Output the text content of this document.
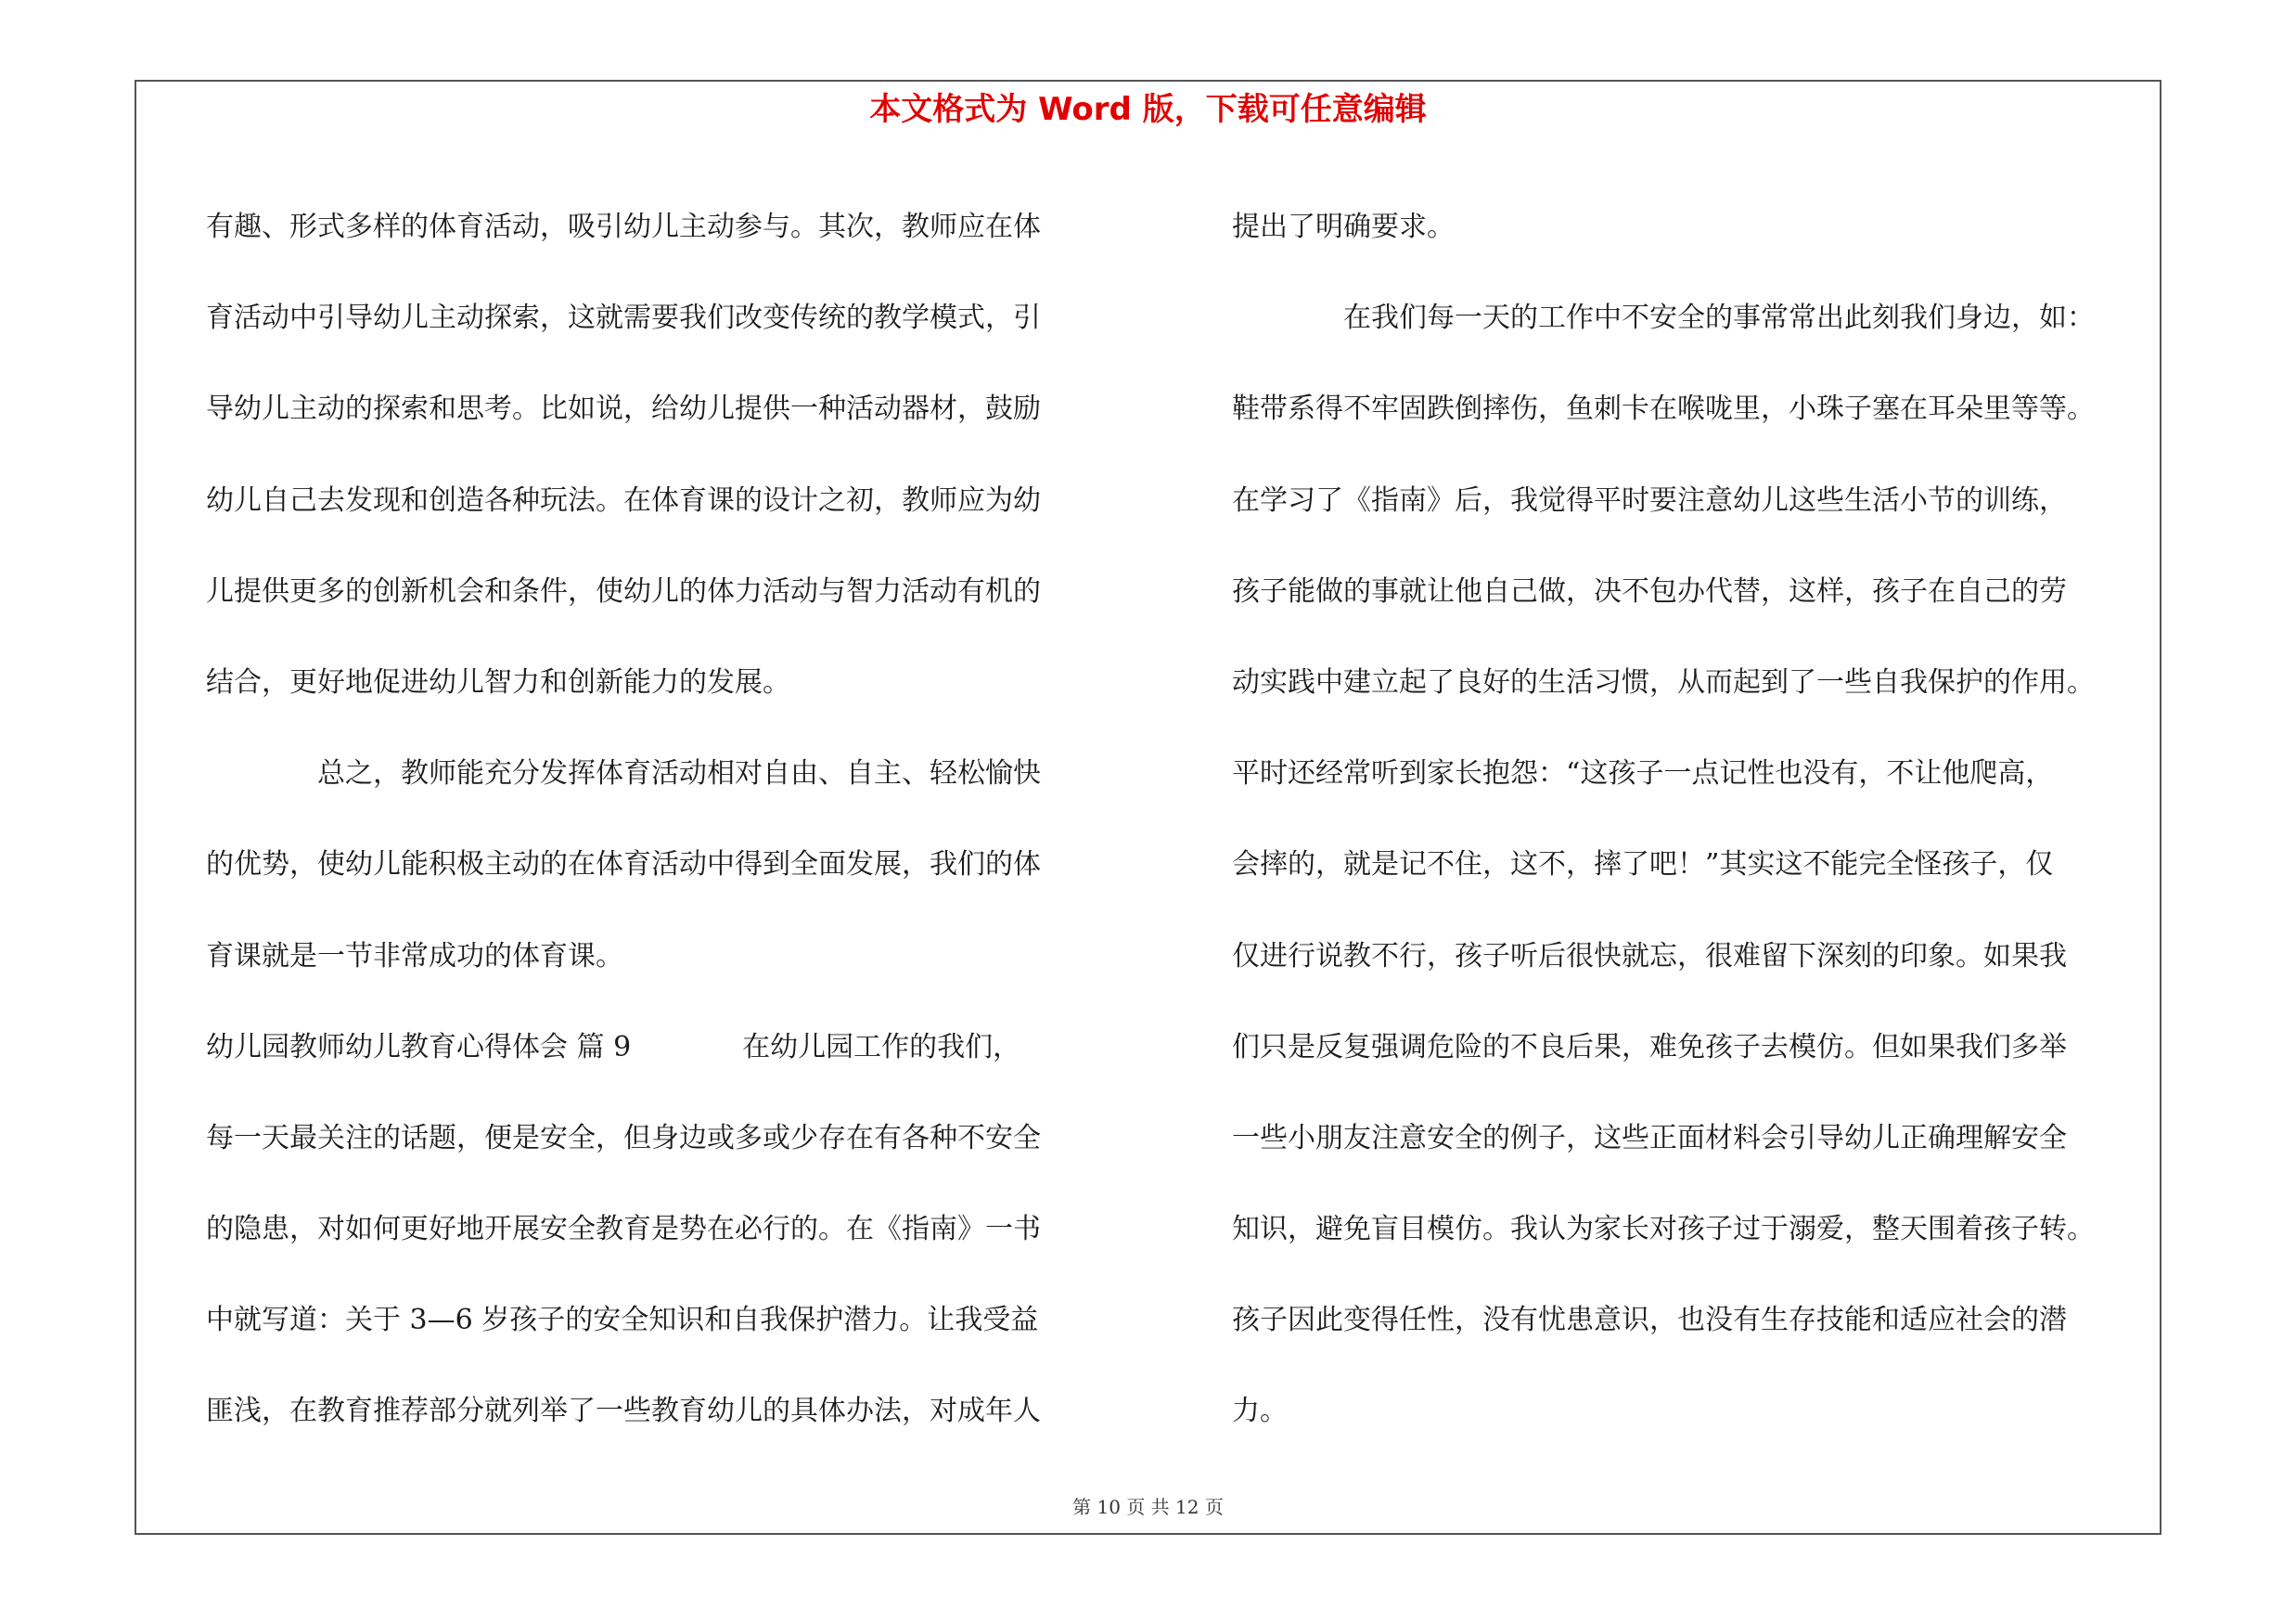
本文格式为 Word 版，下载可任意编辑
有趣、形式多样的体育活动，吸引幼儿主动参与。其次，教师应在体
育活动中引导幼儿主动探索，这就需要我们改变传统的教学模式，引
导幼儿主动的探索和思考。比如说，给幼儿提供一种活动器材，鼓励
幼儿自己去发现和创造各种玩法。在体育课的设计之初，教师应为幼
儿提供更多的创新机会和条件，使幼儿的体力活动与智力活动有机的
结合，更好地促进幼儿智力和创新能力的发展。
　　　　总之，教师能充分发挥体育活动相对自由、自主、轻松愉快
的优势，使幼儿能积极主动的在体育活动中得到全面发展，我们的体
育课就是一节非常成功的体育课。
幼儿园教师幼儿教育心得体会 篇 9　　　　在幼儿园工作的我们，
每一天最关注的话题，便是安全，但身边或多或少存在有各种不安全
的隐患，对如何更好地开展安全教育是势在必行的。在《指南》一书
中就写道：关于 3—6 岁孩子的安全知识和自我保护潜力。让我受益
匪浅，在教育推荐部分就列举了一些教育幼儿的具体办法，对成年人
提出了明确要求。
　　　　在我们每一天的工作中不安全的事常常出此刻我们身边，如：
鞋带系得不牢固跌倒摔伤，鱼刺卡在喉咙里，小珠子塞在耳朵里等等。
在学习了《指南》后，我觉得平时要注意幼儿这些生活小节的训练，
孩子能做的事就让他自己做，决不包办代替，这样，孩子在自己的劳
动实践中建立起了良好的生活习惯，从而起到了一些自我保护的作用。
平时还经常听到家长抱怨：“这孩子一点记性也没有，不让他爬高，
会摔的，就是记不住，这不，摔了吧！”其实这不能完全怪孩子，仅
仅进行说教不行，孩子听后很快就忘，很难留下深刻的印象。如果我
们只是反复强调危险的不良后果，难免孩子去模仿。但如果我们多举
一些小朋友注意安全的例子，这些正面材料会引导幼儿正确理解安全
知识，避免盲目模仿。我认为家长对孩子过于溺爱，整天围着孩子转。
孩子因此变得任性，没有忧患意识，也没有生存技能和适应社会的潜
力。
第 10 页 共 12 页
